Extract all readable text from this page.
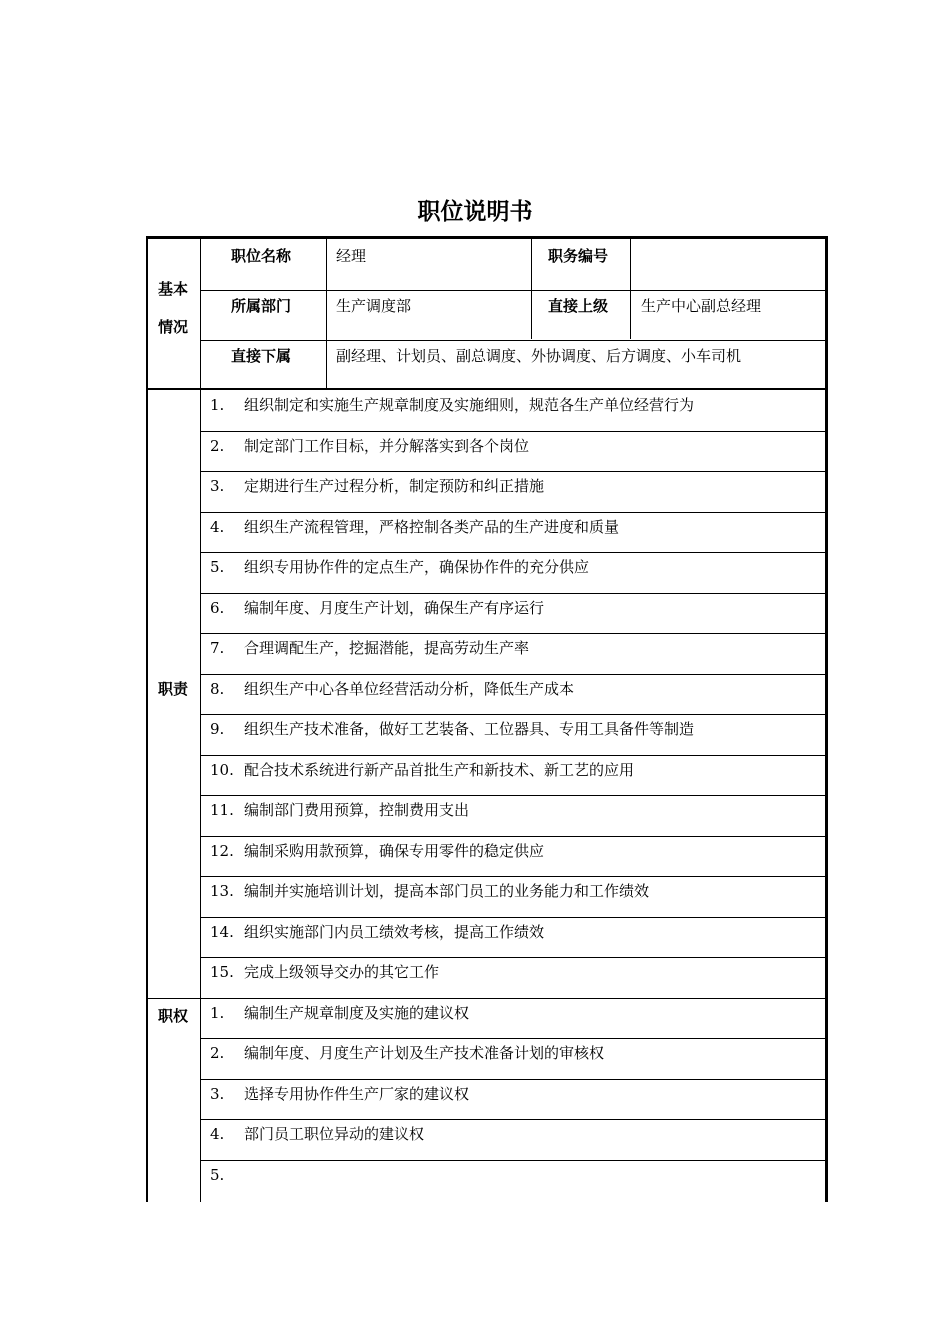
职位说明书
基本
情况
职位名称	经理	职务编号
所属部门	生产调度部	直接上级 生产中心副总经理
直接下属	副经理、计划员、副总调度、外协调度、后方调度、小车司机
职责
1. 组织制定和实施生产规章制度及实施细则，规范各生产单位经营行为
2. 制定部门工作目标，并分解落实到各个岗位
3. 定期进行生产过程分析，制定预防和纠正措施
4. 组织生产流程管理，严格控制各类产品的生产进度和质量
5. 组织专用协作件的定点生产，确保协作件的充分供应
6. 编制年度、月度生产计划，确保生产有序运行
7. 合理调配生产，挖掘潜能，提高劳动生产率
8. 组织生产中心各单位经营活动分析，降低生产成本
9. 组织生产技术准备，做好工艺装备、工位器具、专用工具备件等制造
10. 配合技术系统进行新产品首批生产和新技术、新工艺的应用
11. 编制部门费用预算，控制费用支出
12. 编制采购用款预算，确保专用零件的稳定供应
13. 编制并实施培训计划，提高本部门员工的业务能力和工作绩效
14. 组织实施部门内员工绩效考核，提高工作绩效
15. 完成上级领导交办的其它工作
职权 1. 编制生产规章制度及实施的建议权
2. 编制年度、月度生产计划及生产技术准备计划的审核权
3. 选择专用协作件生产厂家的建议权
4. 部门员工职位异动的建议权
5.
